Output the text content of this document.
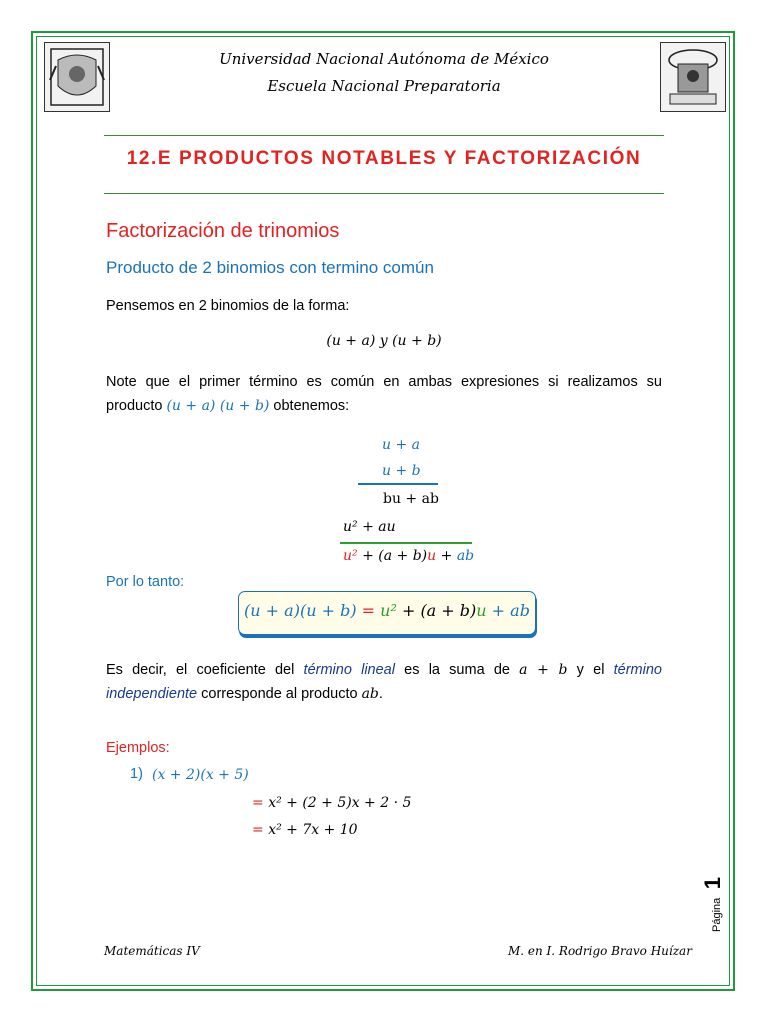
Universidad Nacional Autónoma de México
Escuela Nacional Preparatoria
12.E PRODUCTOS NOTABLES Y FACTORIZACIÓN
Factorización de trinomios
Producto de 2 binomios con termino común
Pensemos en 2 binomios de la forma:
(u + a) y (u + b)
Note que el primer término es común en ambas expresiones si realizamos su producto (u + a) (u + b) obtenemos:
u + a
u + b
bu + ab
u² + au
u² + (a + b)u + ab
Por lo tanto:
(u + a)(u + b) = u² + (a + b)u + ab
Es decir, el coeficiente del término lineal es la suma de a + b y el término independiente corresponde al producto ab.
Ejemplos:
1) (x + 2)(x + 5)
= x² + (2 + 5)x + 2 · 5
= x² + 7x + 10
Página 1
Matemáticas IV	M. en I. Rodrigo Bravo Huízar
